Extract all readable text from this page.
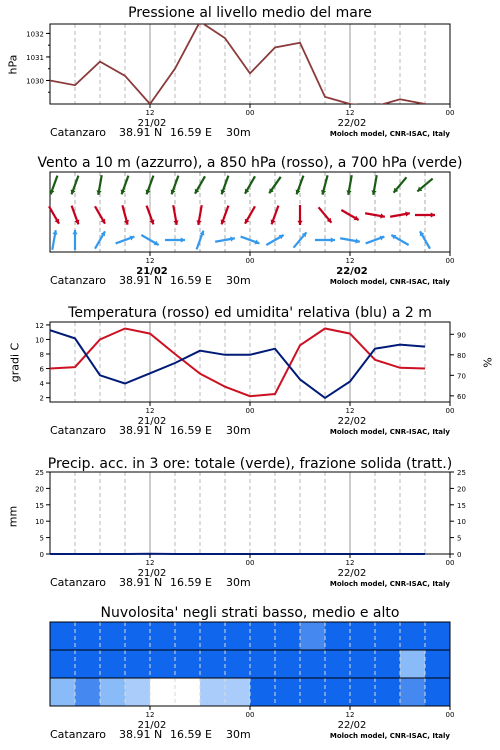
Pressione al livello medio del mare
hPa
1030
1031
1032
12	00	12	00
21/02	22/02
Catanzaro 38.91 N 16.59 E 30m	Moloch model, CNR-ISAC, Italy
Vento a 10 m (azzurro), a 850 hPa (rosso), a 700 hPa (verde)
12	00	12	00
21/02	22/02
Catanzaro 38.91 N 16.59 E 30m	Moloch model, CNR-ISAC, Italy
Temperatura (rosso) ed umidita' relativa (blu) a 2 m
gradi C	%
2
4
6
8
10
12
60
70
80
90
12	00	12	00
21/02	22/02
Catanzaro 38.91 N 16.59 E 30m	Moloch model, CNR-ISAC, Italy
Precip. acc. in 3 ore: totale (verde), frazione solida (tratt.)
mm
0	0
5	5
10	10
15	15
20	20
25	25
12	00	12	00
21/02	22/02
Catanzaro 38.91 N 16.59 E 30m	Moloch model, CNR-ISAC, Italy
Nuvolosita' negli strati basso, medio e alto
12	00	12	00
21/02	22/02
Catanzaro 38.91 N 16.59 E 30m	Moloch model, CNR-ISAC, Italy
